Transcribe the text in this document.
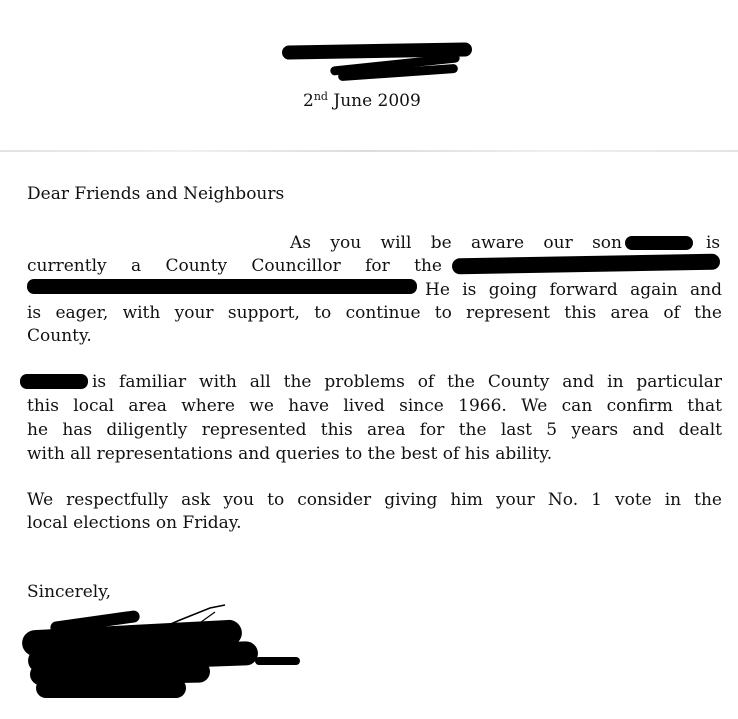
2nd June 2009
Dear Friends and Neighbours
As you will be aware our son	is
currently a County Councillor for the
He is going forward again and
is eager, with your support, to continue to represent this area of the
County.
is familiar with all the problems of the County and in particular
this local area where we have lived since 1966. We can confirm that
he has diligently represented this area for the last 5 years and dealt
with all representations and queries to the best of his ability.
We respectfully ask you to consider giving him your No. 1 vote in the
local elections on Friday.
Sincerely,
